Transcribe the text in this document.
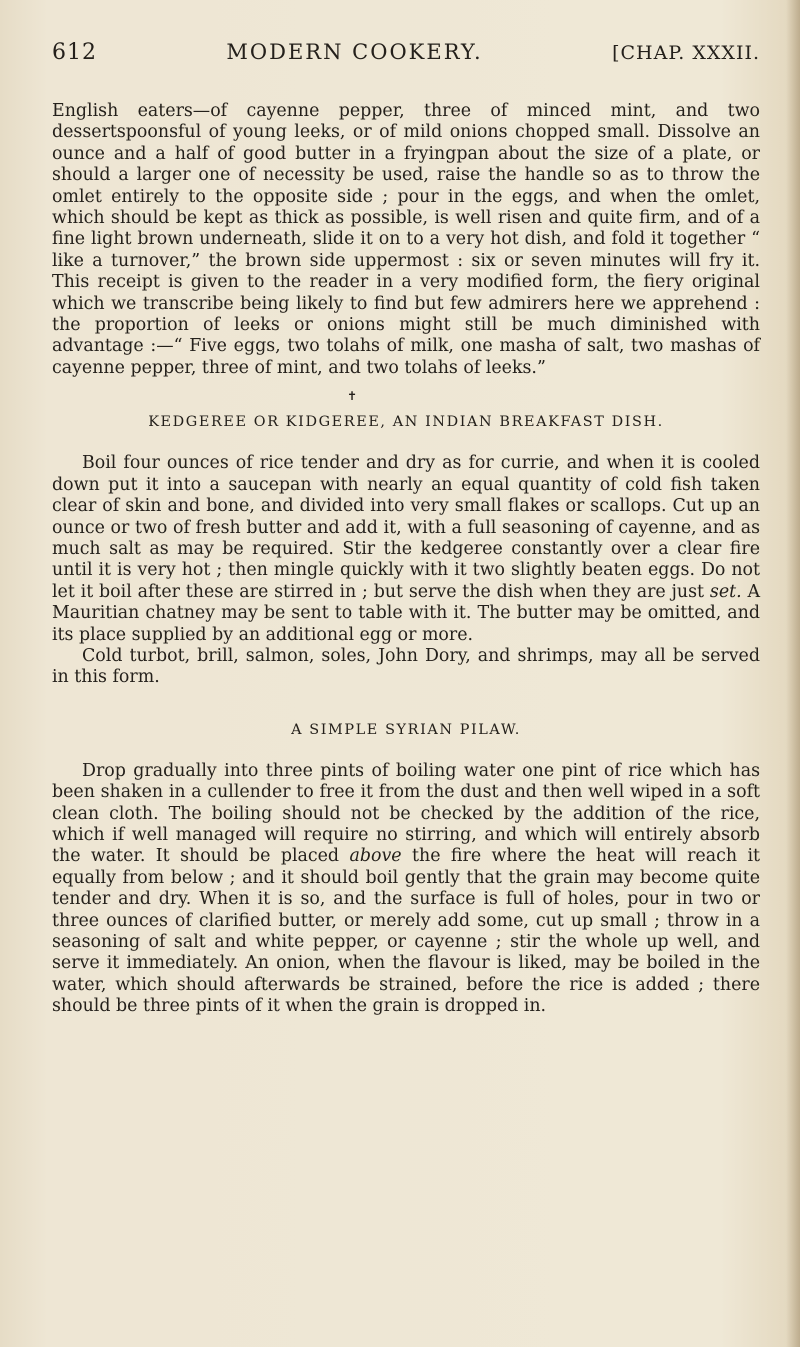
612	MODERN COOKERY.	[CHAP. XXXII.

English eaters—of cayenne pepper, three of minced mint, and two dessertspoonsful of young leeks, or of mild onions chopped small. Dissolve an ounce and a half of good butter in a fryingpan about the size of a plate, or should a larger one of necessity be used, raise the handle so as to throw the omlet entirely to the opposite side ; pour in the eggs, and when the omlet, which should be kept as thick as possible, is well risen and quite firm, and of a fine light brown underneath, slide it on to a very hot dish, and fold it together “ like a turnover,” the brown side uppermost : six or seven minutes will fry it. This receipt is given to the reader in a very modified form, the fiery original which we transcribe being likely to find but few admirers here we apprehend : the proportion of leeks or onions might still be much diminished with advantage :—“ Five eggs, two tolahs of milk, one masha of salt, two mashas of cayenne pepper, three of mint, and two tolahs of leeks.”

✝
KEDGEREE OR KIDGEREE, AN INDIAN BREAKFAST DISH.

Boil four ounces of rice tender and dry as for currie, and when it is cooled down put it into a saucepan with nearly an equal quantity of cold fish taken clear of skin and bone, and divided into very small flakes or scallops. Cut up an ounce or two of fresh butter and add it, with a full seasoning of cayenne, and as much salt as may be required. Stir the kedgeree constantly over a clear fire until it is very hot ; then mingle quickly with it two slightly beaten eggs. Do not let it boil after these are stirred in ; but serve the dish when they are just set. A Mauritian chatney may be sent to table with it. The butter may be omitted, and its place supplied by an additional egg or more.

Cold turbot, brill, salmon, soles, John Dory, and shrimps, may all be served in this form.

A SIMPLE SYRIAN PILAW.

Drop gradually into three pints of boiling water one pint of rice which has been shaken in a cullender to free it from the dust and then well wiped in a soft clean cloth. The boiling should not be checked by the addition of the rice, which if well managed will require no stirring, and which will entirely absorb the water. It should be placed above the fire where the heat will reach it equally from below ; and it should boil gently that the grain may become quite tender and dry. When it is so, and the surface is full of holes, pour in two or three ounces of clarified butter, or merely add some, cut up small ; throw in a seasoning of salt and white pepper, or cayenne ; stir the whole up well, and serve it immediately. An onion, when the flavour is liked, may be boiled in the water, which should afterwards be strained, before the rice is added ; there should be three pints of it when the grain is dropped in.
